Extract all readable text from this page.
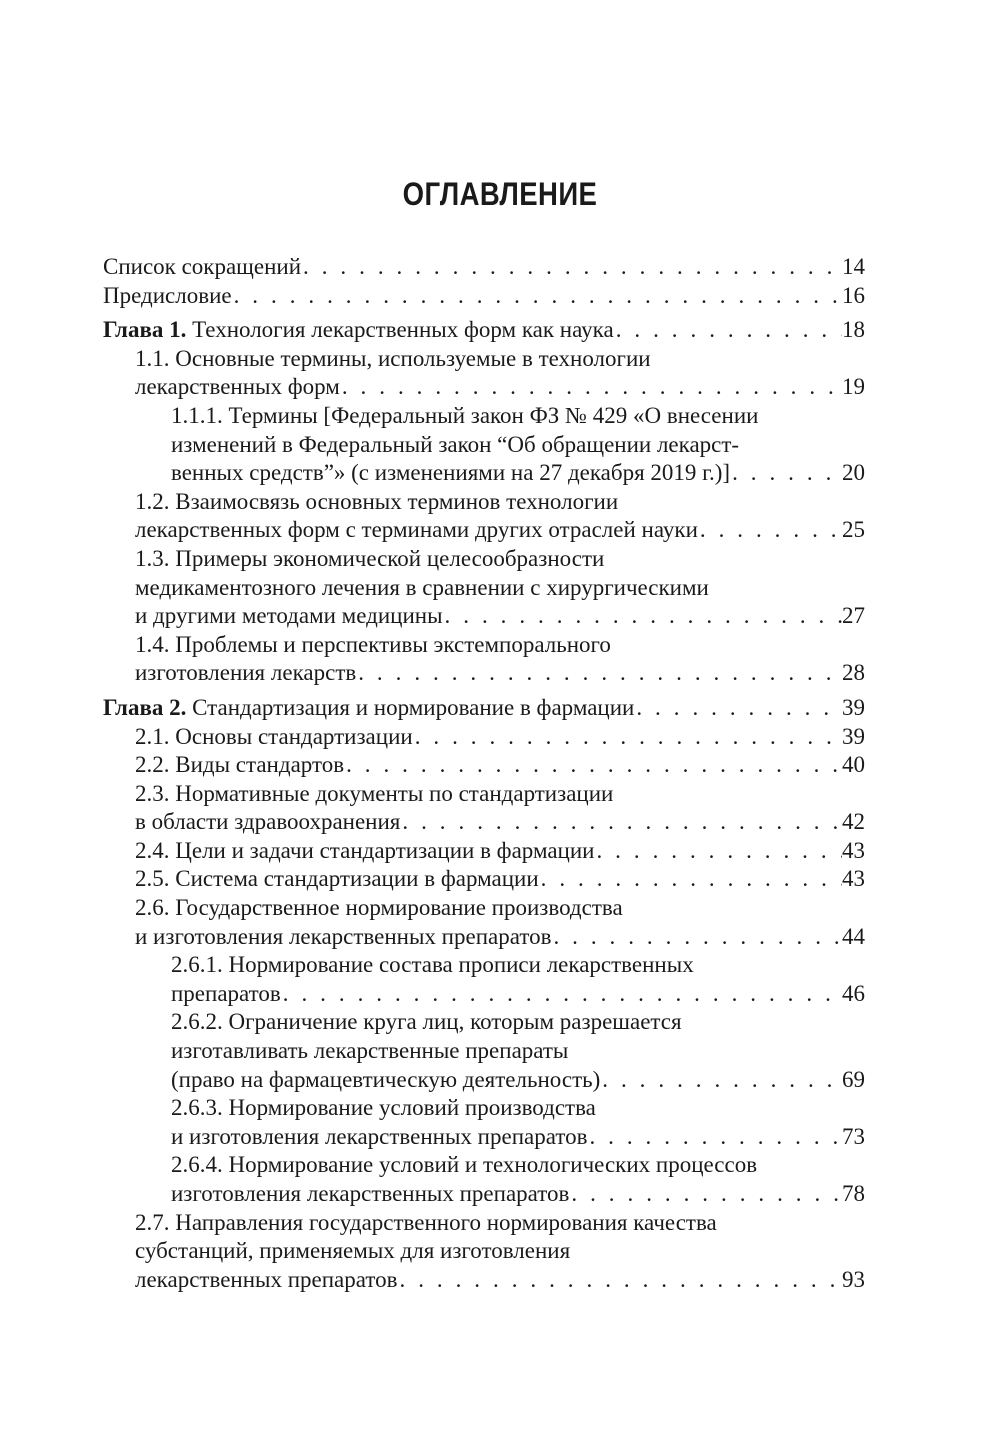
ОГЛАВЛЕНИЕ
Список сокращений . . .	14
Предисловие . . .	16
Глава 1. Технология лекарственных форм как наука . . .	18
1.1. Основные термины, используемые в технологии
лекарственных форм . . .	19
1.1.1. Термины [Федеральный закон ФЗ № 429 «О внесении
изменений в Федеральный закон “Об обращении лекарст-
венных средств”» (с изменениями на 27 декабря 2019 г.)] . . .	20
1.2. Взаимосвязь основных терминов технологии
лекарственных форм с терминами других отраслей науки . . .	25
1.3. Примеры экономической целесообразности
медикаментозного лечения в сравнении с хирургическими
и другими методами медицины . . .	27
1.4. Проблемы и перспективы экстемпорального
изготовления лекарств . . .	28
Глава 2. Стандартизация и нормирование в фармации . . .	39
2.1. Основы стандартизации . . .	39
2.2. Виды стандартов . . .	40
2.3. Нормативные документы по стандартизации
в области здравоохранения . . .	42
2.4. Цели и задачи стандартизации в фармации . . .	43
2.5. Система стандартизации в фармации . . .	43
2.6. Государственное нормирование производства
и изготовления лекарственных препаратов . . .	44
2.6.1. Нормирование состава прописи лекарственных
препаратов . . .	46
2.6.2. Ограничение круга лиц, которым разрешается
изготавливать лекарственные препараты
(право на фармацевтическую деятельность) . . .	69
2.6.3. Нормирование условий производства
и изготовления лекарственных препаратов . . .	73
2.6.4. Нормирование условий и технологических процессов
изготовления лекарственных препаратов . . .	78
2.7. Направления государственного нормирования качества
субстанций, применяемых для изготовления
лекарственных препаратов . . .	93
